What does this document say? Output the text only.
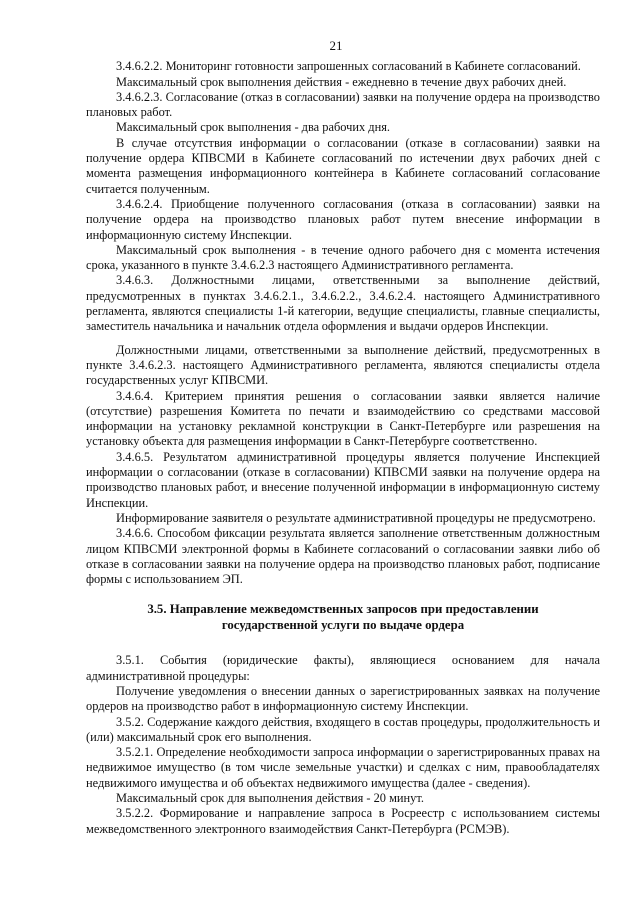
21

3.4.6.2.2. Мониторинг готовности запрошенных согласований в Кабинете согласований.

Максимальный срок выполнения действия - ежедневно в течение двух рабочих дней.

3.4.6.2.3. Согласование (отказ в согласовании) заявки на получение ордера на производство плановых работ.

Максимальный срок выполнения - два рабочих дня.

В случае отсутствия информации о согласовании (отказе в согласовании) заявки на получение ордера КПВСМИ в Кабинете согласований по истечении двух рабочих дней с момента размещения информационного контейнера в Кабинете согласований согласование считается полученным.

3.4.6.2.4. Приобщение полученного согласования (отказа в согласовании) заявки на получение ордера на производство плановых работ путем внесение информации в информационную систему Инспекции.

Максимальный срок выполнения - в течение одного рабочего дня с момента истечения срока, указанного в пункте 3.4.6.2.3 настоящего Административного регламента.

3.4.6.3. Должностными лицами, ответственными за выполнение действий, предусмотренных в пунктах 3.4.6.2.1., 3.4.6.2.2., 3.4.6.2.4. настоящего Административного регламента, являются специалисты 1-й категории, ведущие специалисты, главные специалисты, заместитель начальника и начальник отдела оформления и выдачи ордеров Инспекции.

Должностными лицами, ответственными за выполнение действий, предусмотренных в пункте 3.4.6.2.3. настоящего Административного регламента, являются специалисты отдела государственных услуг КПВСМИ.

3.4.6.4. Критерием принятия решения о согласовании заявки является наличие (отсутствие) разрешения Комитета по печати и взаимодействию со средствами массовой информации на установку рекламной конструкции в Санкт-Петербурге или разрешения на установку объекта для размещения информации в Санкт-Петербурге соответственно.

3.4.6.5. Результатом административной процедуры является получение Инспекцией информации о согласовании (отказе в согласовании) КПВСМИ заявки на получение ордера на производство плановых работ, и внесение полученной информации в информационную систему Инспекции.

Информирование заявителя о результате административной процедуры не предусмотрено.

3.4.6.6. Способом фиксации результата является заполнение ответственным должностным лицом КПВСМИ электронной формы в Кабинете согласований о согласовании заявки либо об отказе в согласовании заявки на получение ордера на производство плановых работ, подписание формы с использованием ЭП.

3.5. Направление межведомственных запросов при предоставлении
государственной услуги по выдаче ордера

3.5.1. События (юридические факты), являющиеся основанием для начала административной процедуры:

Получение уведомления о внесении данных о зарегистрированных заявках на получение ордеров на производство работ в информационную систему Инспекции.

3.5.2. Содержание каждого действия, входящего в состав процедуры, продолжительность и (или) максимальный срок его выполнения.

3.5.2.1. Определение необходимости запроса информации о зарегистрированных правах на недвижимое имущество (в том числе земельные участки) и сделках с ним, правообладателях недвижимого имущества и об объектах недвижимого имущества (далее - сведения).

Максимальный срок для выполнения действия - 20 минут.

3.5.2.2. Формирование и направление запроса в Росреестр с использованием системы межведомственного электронного взаимодействия Санкт-Петербурга (РСМЭВ).
